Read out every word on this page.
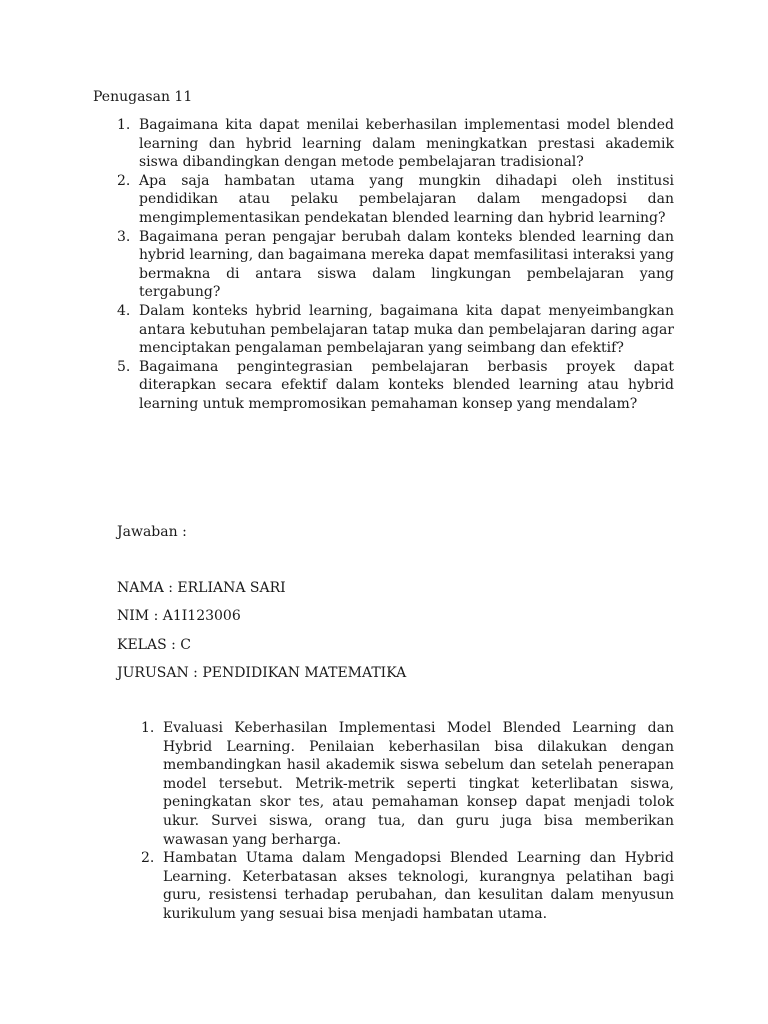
Penugasan 11
1. Bagaimana kita dapat menilai keberhasilan implementasi model blended learning dan hybrid learning dalam meningkatkan prestasi akademik siswa dibandingkan dengan metode pembelajaran tradisional?
2. Apa saja hambatan utama yang mungkin dihadapi oleh institusi pendidikan atau pelaku pembelajaran dalam mengadopsi dan mengimplementasikan pendekatan blended learning dan hybrid learning?
3. Bagaimana peran pengajar berubah dalam konteks blended learning dan hybrid learning, dan bagaimana mereka dapat memfasilitasi interaksi yang bermakna di antara siswa dalam lingkungan pembelajaran yang tergabung?
4. Dalam konteks hybrid learning, bagaimana kita dapat menyeimbangkan antara kebutuhan pembelajaran tatap muka dan pembelajaran daring agar menciptakan pengalaman pembelajaran yang seimbang dan efektif?
5. Bagaimana pengintegrasian pembelajaran berbasis proyek dapat diterapkan secara efektif dalam konteks blended learning atau hybrid learning untuk mempromosikan pemahaman konsep yang mendalam?
Jawaban :
NAMA : ERLIANA SARI
NIM : A1I123006
KELAS : C
JURUSAN : PENDIDIKAN MATEMATIKA
1. Evaluasi Keberhasilan Implementasi Model Blended Learning dan Hybrid Learning. Penilaian keberhasilan bisa dilakukan dengan membandingkan hasil akademik siswa sebelum dan setelah penerapan model tersebut. Metrik-metrik seperti tingkat keterlibatan siswa, peningkatan skor tes, atau pemahaman konsep dapat menjadi tolok ukur. Survei siswa, orang tua, dan guru juga bisa memberikan wawasan yang berharga.
2. Hambatan Utama dalam Mengadopsi Blended Learning dan Hybrid Learning. Keterbatasan akses teknologi, kurangnya pelatihan bagi guru, resistensi terhadap perubahan, dan kesulitan dalam menyusun kurikulum yang sesuai bisa menjadi hambatan utama.
